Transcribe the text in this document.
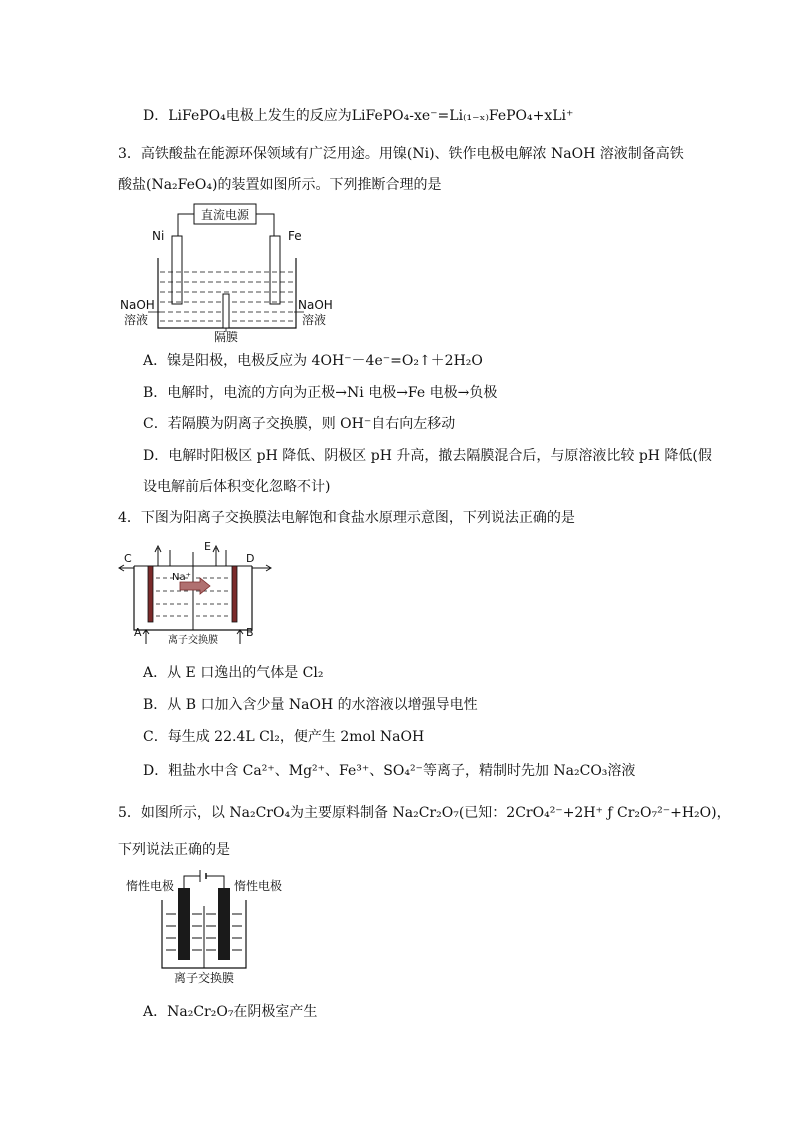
D．LiFePO₄电极上发生的反应为LiFePO₄-xe⁻=Li₍₁₋ₓ₎FePO₄+xLi⁺
3．高铁酸盐在能源环保领域有广泛用途。用镍(Ni)、铁作电极电解浓 NaOH 溶液制备高铁
酸盐(Na₂FeO₄)的装置如图所示。下列推断合理的是
直流电源
Ni	Fe
NaOH
溶液
NaOH
溶液
隔膜
A．镍是阳极，电极反应为 4OH⁻－4e⁻=O₂↑＋2H₂O
B．电解时，电流的方向为正极→Ni 电极→Fe 电极→负极
C．若隔膜为阴离子交换膜，则 OH⁻自右向左移动
D．电解时阳极区 pH 降低、阴极区 pH 升高，撤去隔膜混合后，与原溶液比较 pH 降低(假
设电解前后体积变化忽略不计)
4．下图为阳离子交换膜法电解饱和食盐水原理示意图，下列说法正确的是
Na⁺
C
E
D
A	B
离子交换膜
A．从 E 口逸出的气体是 Cl₂
B．从 B 口加入含少量 NaOH 的水溶液以增强导电性
C．每生成 22.4L Cl₂，便产生 2mol NaOH
D．粗盐水中含 Ca²⁺、Mg²⁺、Fe³⁺、SO₄²⁻等离子，精制时先加 Na₂CO₃溶液
5．如图所示，以 Na₂CrO₄为主要原料制备 Na₂Cr₂O₇(已知：2CrO₄²⁻+2H⁺ ƒ Cr₂O₇²⁻+H₂O)，
下列说法正确的是
惰性电极	惰性电极
离子交换膜
A．Na₂Cr₂O₇在阴极室产生
